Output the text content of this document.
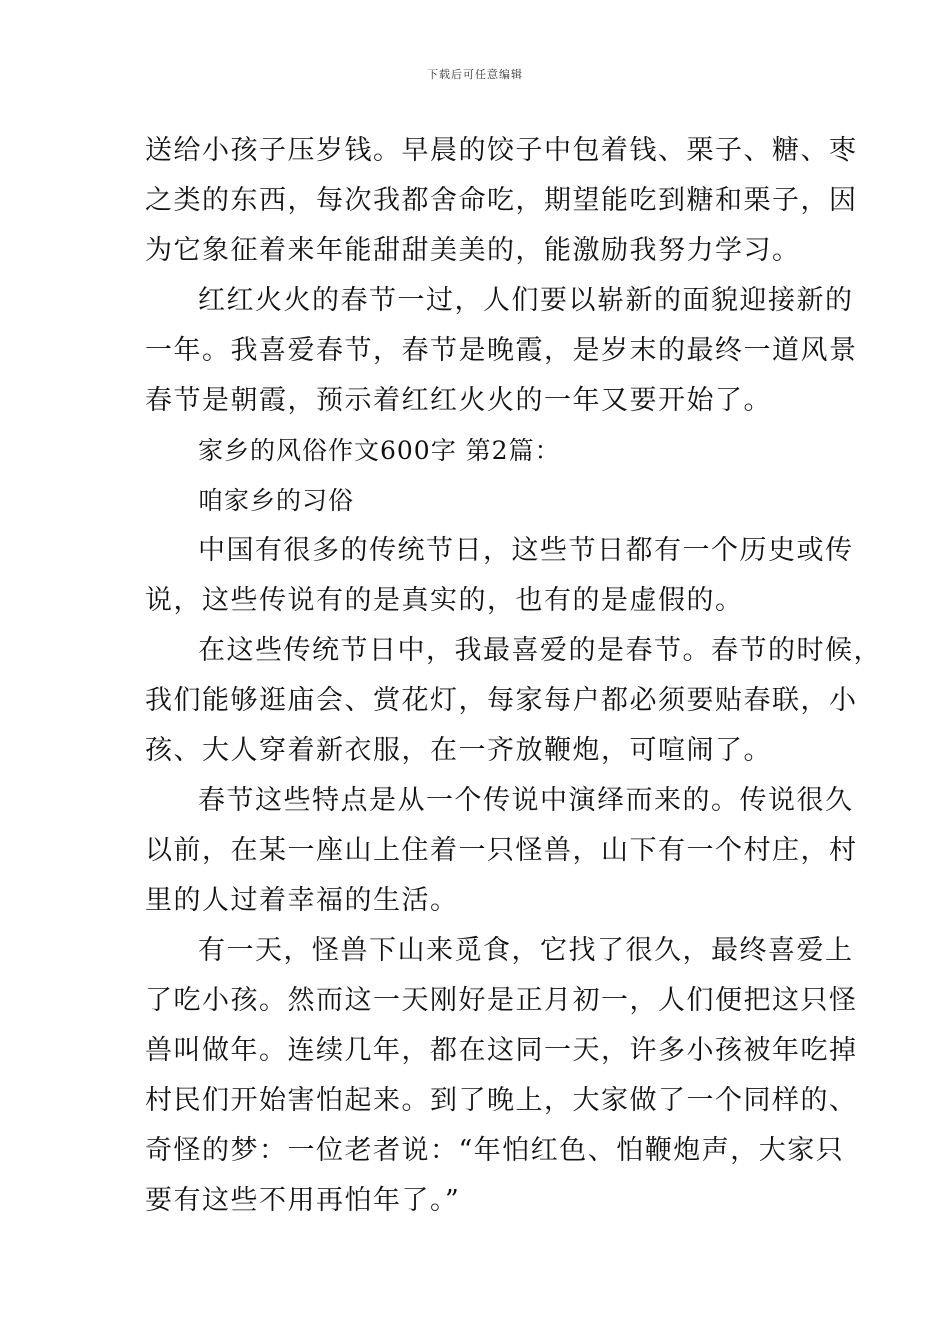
下载后可任意编辑

送给小孩子压岁钱。早晨的饺子中包着钱、栗子、糖、枣

之类的东西，每次我都舍命吃，期望能吃到糖和栗子，因

为它象征着来年能甜甜美美的，能激励我努力学习。

红红火火的春节一过，人们要以崭新的面貌迎接新的

一年。我喜爱春节，春节是晚霞，是岁末的最终一道风景

春节是朝霞，预示着红红火火的一年又要开始了。

家乡的风俗作文600字 第2篇：

咱家乡的习俗

中国有很多的传统节日，这些节日都有一个历史或传

说，这些传说有的是真实的，也有的是虚假的。

在这些传统节日中，我最喜爱的是春节。春节的时候，

我们能够逛庙会、赏花灯，每家每户都必须要贴春联，小

孩、大人穿着新衣服，在一齐放鞭炮，可喧闹了。

春节这些特点是从一个传说中演绎而来的。传说很久

以前，在某一座山上住着一只怪兽，山下有一个村庄，村

里的人过着幸福的生活。

有一天，怪兽下山来觅食，它找了很久，最终喜爱上

了吃小孩。然而这一天刚好是正月初一，人们便把这只怪

兽叫做年。连续几年，都在这同一天，许多小孩被年吃掉

村民们开始害怕起来。到了晚上，大家做了一个同样的、

奇怪的梦：一位老者说：“年怕红色、怕鞭炮声，大家只

要有这些不用再怕年了。”
